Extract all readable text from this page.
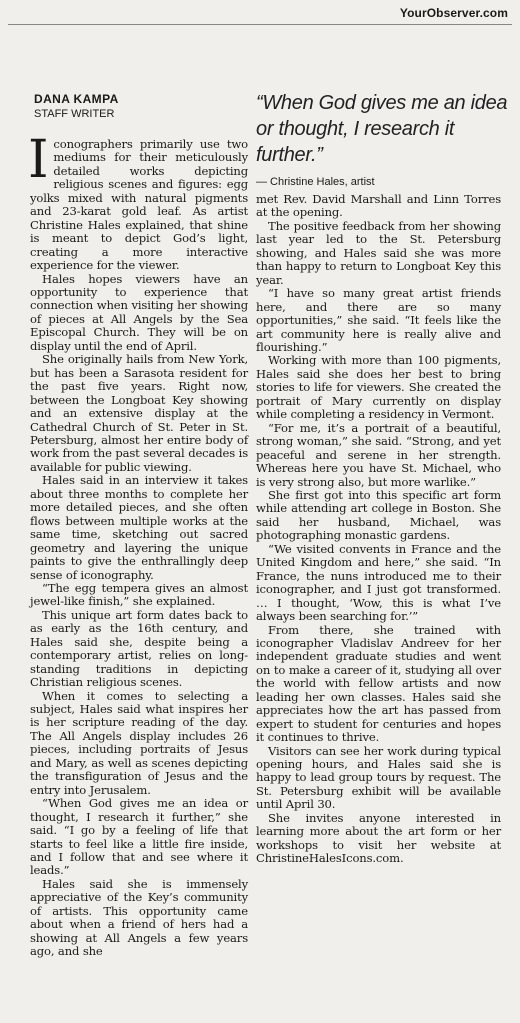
YourObserver.com
DANA KAMPA
STAFF WRITER	“When God gives me an idea or thought, I research it further.”
— Christine Hales, artist

Iconographers primarily use two mediums for their meticulously detailed works depicting religious scenes and figures: egg yolks mixed with natural pigments and 23-karat gold leaf. As artist Christine Hales explained, that shine is meant to depict God’s light, creating a more interactive experience for the viewer.

Hales hopes viewers have an opportunity to experience that connection when visiting her showing of pieces at All Angels by the Sea Episcopal Church. They will be on display until the end of April.

She originally hails from New York, but has been a Sarasota resident for the past five years. Right now, between the Longboat Key showing and an extensive display at the Cathedral Church of St. Peter in St. Petersburg, almost her entire body of work from the past several decades is available for public viewing.

Hales said in an interview it takes about three months to complete her more detailed pieces, and she often flows between multiple works at the same time, sketching out sacred geometry and layering the unique paints to give the enthrallingly deep sense of iconography.

“The egg tempera gives an almost jewel-like finish,” she explained.

This unique art form dates back to as early as the 16th century, and Hales said she, despite being a contemporary artist, relies on long-standing traditions in depicting Christian religious scenes.

When it comes to selecting a subject, Hales said what inspires her is her scripture reading of the day. The All Angels display includes 26 pieces, including portraits of Jesus and Mary, as well as scenes depicting the transfiguration of Jesus and the entry into Jerusalem.

“When God gives me an idea or thought, I research it further,” she said. “I go by a feeling of life that starts to feel like a little fire inside, and I follow that and see where it leads.”

Hales said she is immensely appreciative of the Key’s community of artists. This opportunity came about when a friend of hers had a showing at All Angels a few years ago, and she

met Rev. David Marshall and Linn Torres at the opening.

The positive feedback from her showing last year led to the St. Petersburg showing, and Hales said she was more than happy to return to Longboat Key this year.

“I have so many great artist friends here, and there are so many opportunities,” she said. “It feels like the art community here is really alive and flourishing.”

Working with more than 100 pigments, Hales said she does her best to bring stories to life for viewers. She created the portrait of Mary currently on display while completing a residency in Vermont.

“For me, it’s a portrait of a beautiful, strong woman,” she said. “Strong, and yet peaceful and serene in her strength. Whereas here you have St. Michael, who is very strong also, but more warlike.”

She first got into this specific art form while attending art college in Boston. She said her husband, Michael, was photographing monastic gardens.

“We visited convents in France and the United Kingdom and here,” she said. “In France, the nuns introduced me to their iconographer, and I just got transformed. … I thought, ‘Wow, this is what I’ve always been searching for.’”

From there, she trained with iconographer Vladislav Andreev for her independent graduate studies and went on to make a career of it, studying all over the world with fellow artists and now leading her own classes. Hales said she appreciates how the art has passed from expert to student for centuries and hopes it continues to thrive.

Visitors can see her work during typical opening hours, and Hales said she is happy to lead group tours by request. The St. Petersburg exhibit will be available until April 30.

She invites anyone interested in learning more about the art form or her workshops to visit her website at ChristineHalesIcons.com.
